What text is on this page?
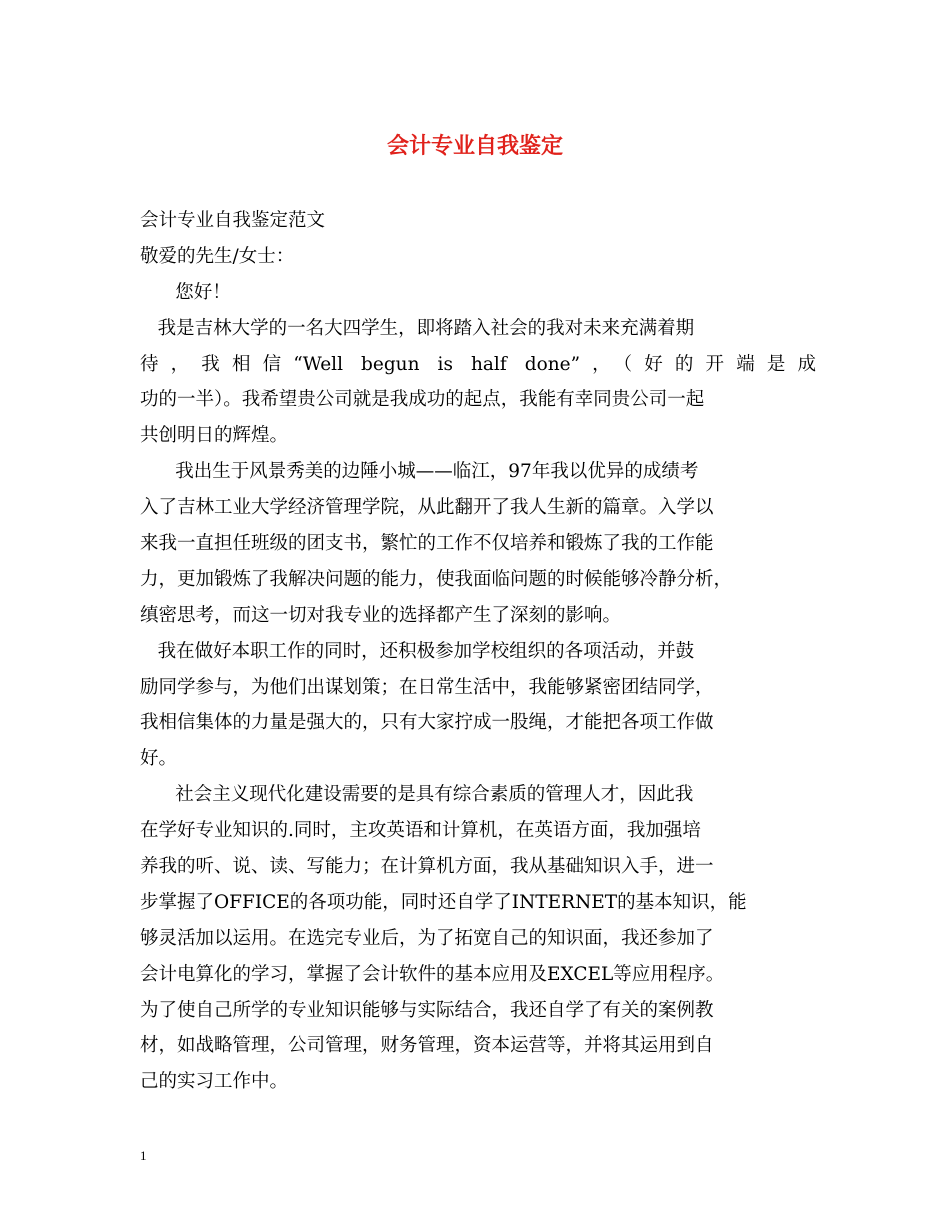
会计专业自我鉴定
会计专业自我鉴定范文
敬爱的先生/女士：
您好！
我是吉林大学的一名大四学生，即将踏入社会的我对未来充满着期
待，我相信“Well begun is half done”，（好的开端是成
功的一半）。我希望贵公司就是我成功的起点，我能有幸同贵公司一起
共创明日的辉煌。
我出生于风景秀美的边陲小城——临江，97年我以优异的成绩考
入了吉林工业大学经济管理学院，从此翻开了我人生新的篇章。入学以
来我一直担任班级的团支书，繁忙的工作不仅培养和锻炼了我的工作能
力，更加锻炼了我解决问题的能力，使我面临问题的时候能够冷静分析，
缜密思考，而这一切对我专业的选择都产生了深刻的影响。
我在做好本职工作的同时，还积极参加学校组织的各项活动，并鼓
励同学参与，为他们出谋划策；在日常生活中，我能够紧密团结同学，
我相信集体的力量是强大的，只有大家拧成一股绳，才能把各项工作做
好。
社会主义现代化建设需要的是具有综合素质的管理人才，因此我
在学好专业知识的.同时，主攻英语和计算机，在英语方面，我加强培
养我的听、说、读、写能力；在计算机方面，我从基础知识入手，进一
步掌握了OFFICE的各项功能，同时还自学了INTERNET的基本知识，能
够灵活加以运用。在选完专业后，为了拓宽自己的知识面，我还参加了
会计电算化的学习，掌握了会计软件的基本应用及EXCEL等应用程序。
为了使自己所学的专业知识能够与实际结合，我还自学了有关的案例教
材，如战略管理，公司管理，财务管理，资本运营等，并将其运用到自
己的实习工作中。
1
